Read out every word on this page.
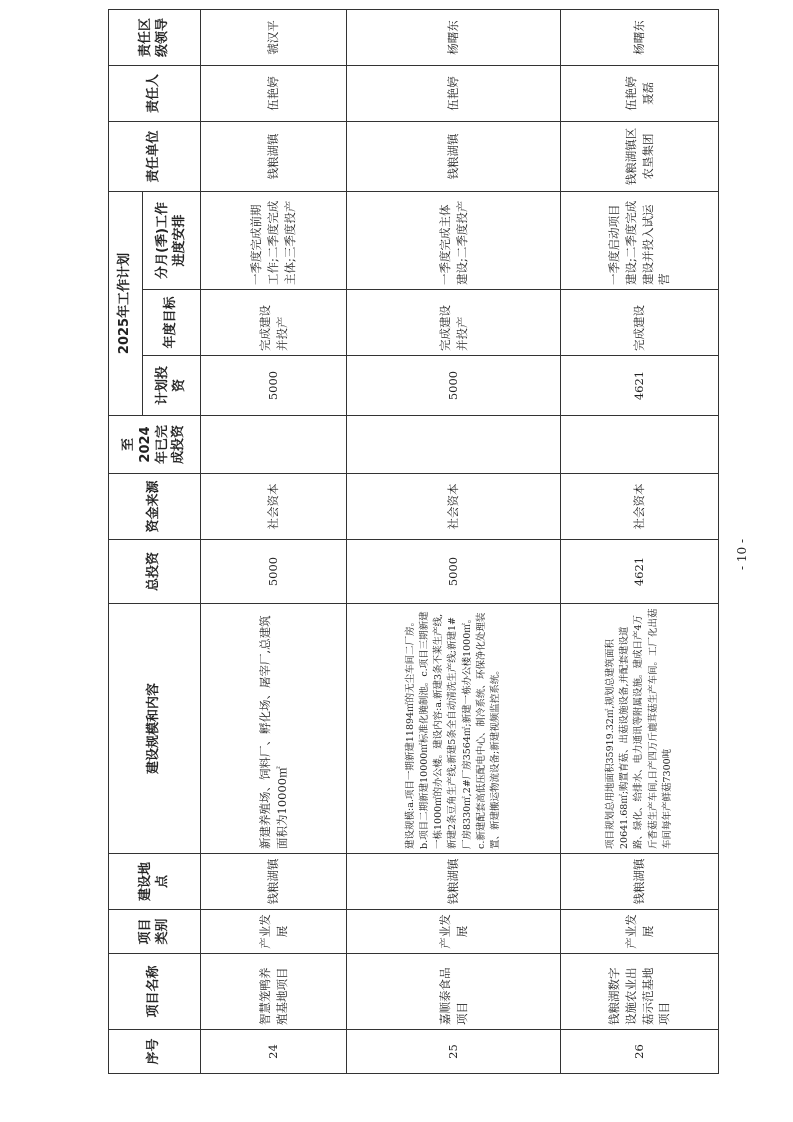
序号	项目名称	项目类别	建设地点	建设规模和内容	总投资	资金来源	至2024年已完成投资	2025年工作计划			责任单位	责任人	责任区级领导
								计划投资	年度目标	分月(季)工作进度安排			
24	智慧笼鸭养殖基地项目	产业发展	钱粮湖镇	新建养殖场、饲料厂、孵化场、屠宰厂,总建筑面积为10000㎡	5000	社会资本		5000	完成建设并投产	一季度完成前期工作;二季度完成主体;三季度投产	钱粮湖镇	伍艳婷	虢汉平
25	嘉顺泰食品项目	产业发展	钱粮湖镇	建设规模:a.项目一期新建11894㎡的无尘车间二厂房。b.项目二期新建10000㎡标准化腌制池。c.项目三期新建一栋1000㎡的办公楼。建设内容:a.新建3条不莱生产线,新建2条豆角生产线;新建5条全自动清洗生产线;新建1#厂房8330㎡,2#厂房3564㎡;新建一栋办公楼1000㎡。c.新建配套高低压配电中心、制冷系统、环保净化处理装置、新建搬运物流设备;新建视频监控系统。	5000	社会资本		5000	完成建设并投产	一季度完成主体建设;二季度投产	钱粮湖镇	伍艳婷	杨曙东
26	钱粮湖数字设施农业出菇示范基地项目	产业发展	钱粮湖镇	项目规划总用地面积35919.32㎡,规划总建筑面积20641.68㎡;购置育菇、出菇设施设备,并配套建设道路、绿化、给排水、电力通讯等附属设施。建成日产4万斤香菇生产车间,日产四万斤鹿茸菇生产车间。工厂化出菇车间每年产鲜菇7300吨	4621	社会资本		4621	完成建设	一季度启动项目建设;二季度完成建设并投入试运营	钱粮湖镇区农垦集团	伍艳婷 聂磊	杨曙东
- 10 -
